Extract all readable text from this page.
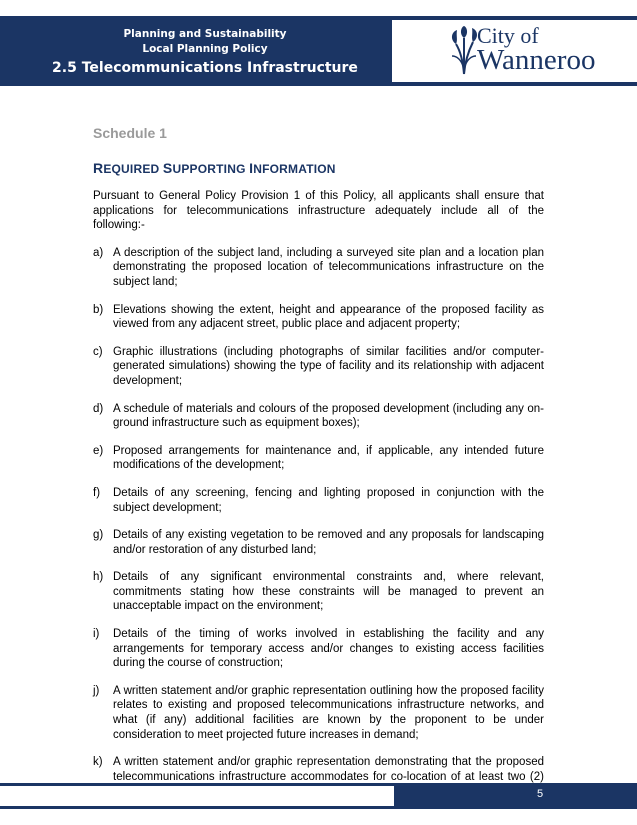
Planning and Sustainability
Local Planning Policy
2.5 Telecommunications Infrastructure
City of
Wanneroo
Schedule 1
REQUIRED SUPPORTING INFORMATION

Pursuant to General Policy Provision 1 of this Policy, all applicants shall ensure that applications for telecommunications infrastructure adequately include all of the following:-

a) A description of the subject land, including a surveyed site plan and a location plan demonstrating the proposed location of telecommunications infrastructure on the subject land;
b) Elevations showing the extent, height and appearance of the proposed facility as viewed from any adjacent street, public place and adjacent property;
c) Graphic illustrations (including photographs of similar facilities and/or computer-generated simulations) showing the type of facility and its relationship with adjacent development;
d) A schedule of materials and colours of the proposed development (including any on-ground infrastructure such as equipment boxes);
e) Proposed arrangements for maintenance and, if applicable, any intended future modifications of the development;
f) Details of any screening, fencing and lighting proposed in conjunction with the subject development;
g) Details of any existing vegetation to be removed and any proposals for landscaping and/or restoration of any disturbed land;
h) Details of any significant environmental constraints and, where relevant, commitments stating how these constraints will be managed to prevent an unacceptable impact on the environment;
i) Details of the timing of works involved in establishing the facility and any arrangements for temporary access and/or changes to existing access facilities during the course of construction;
j) A written statement and/or graphic representation outlining how the proposed facility relates to existing and proposed telecommunications infrastructure networks, and what (if any) additional facilities are known by the proponent to be under consideration to meet projected future increases in demand;
k) A written statement and/or graphic representation demonstrating that the proposed telecommunications infrastructure accommodates for co-location of at least two (2)
5
